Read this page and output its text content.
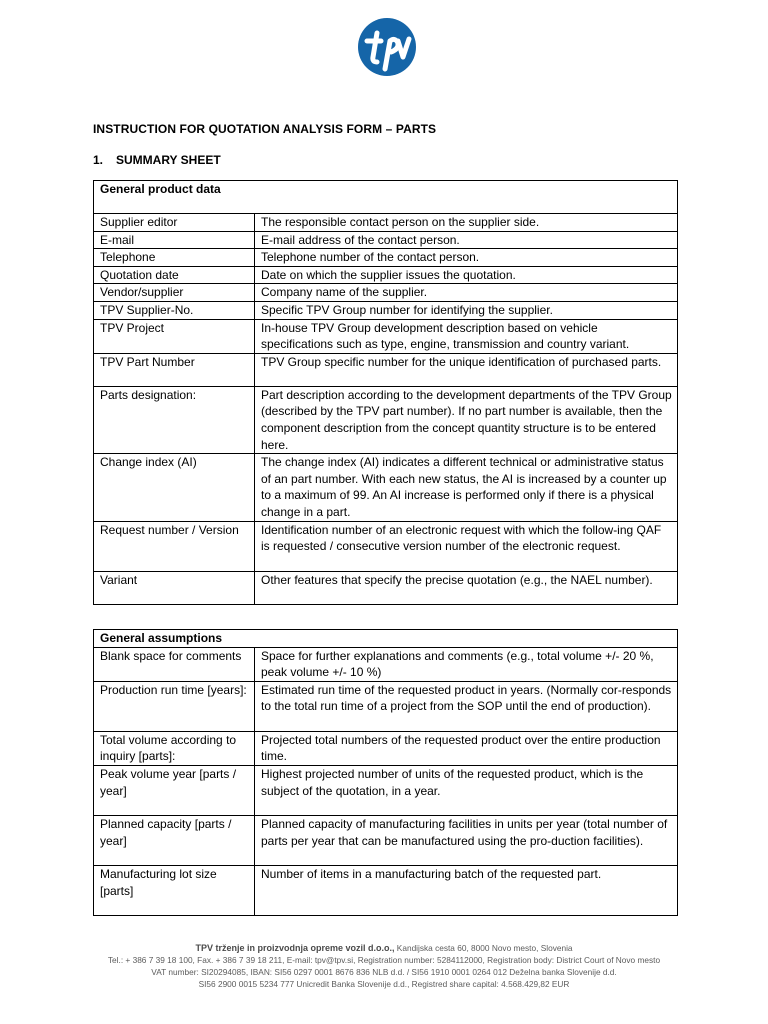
INSTRUCTION FOR QUOTATION ANALYSIS FORM – PARTS
1. SUMMARY SHEET
General product data	
Supplier editor	The responsible contact person on the supplier side.
E-mail	E-mail address of the contact person.
Telephone	Telephone number of the contact person.
Quotation date	Date on which the supplier issues the quotation.
Vendor/supplier	Company name of the supplier.
TPV Supplier-No.	Specific TPV Group number for identifying the supplier.
TPV Project	In-house TPV Group development description based on vehicle specifications such as type, engine, transmission and country variant.
TPV Part Number	TPV Group specific number for the unique identification of purchased parts.
Parts designation:	Part description according to the development departments of the TPV Group (described by the TPV part number). If no part number is available, then the component description from the concept quantity structure is to be entered here.
Change index (AI)	The change index (AI) indicates a different technical or administrative status of an part number. With each new status, the AI is increased by a counter up to a maximum of 99. An AI increase is performed only if there is a physical change in a part.
Request number / Version	Identification number of an electronic request with which the follow-ing QAF is requested / consecutive version number of the electronic request.
Variant	Other features that specify the precise quotation (e.g., the NAEL number).
General assumptions	
Blank space for comments	Space for further explanations and comments (e.g., total volume +/- 20 %, peak volume +/- 10 %)
Production run time [years]:	Estimated run time of the requested product in years. (Normally cor-responds to the total run time of a project from the SOP until the end of production).
Total volume according to inquiry [parts]:	Projected total numbers of the requested product over the entire production time.
Peak volume year [parts / year]	Highest projected number of units of the requested product, which is the subject of the quotation, in a year.
Planned capacity [parts / year]	Planned capacity of manufacturing facilities in units per year (total number of parts per year that can be manufactured using the pro-duction facilities).
Manufacturing lot size [parts]	Number of items in a manufacturing batch of the requested part.
TPV trženje in proizvodnja opreme vozil d.o.o., Kandijska cesta 60, 8000 Novo mesto, Slovenia
Tel.: + 386 7 39 18 100, Fax. + 386 7 39 18 211, E-mail: tpv@tpv.si, Registration number: 5284112000, Registration body: District Court of Novo mesto
VAT number: SI20294085, IBAN: SI56 0297 0001 8676 836 NLB d.d. / SI56 1910 0001 0264 012 Deželna banka Slovenije d.d.
SI56 2900 0015 5234 777 Unicredit Banka Slovenije d.d., Registred share capital: 4.568.429,82 EUR
